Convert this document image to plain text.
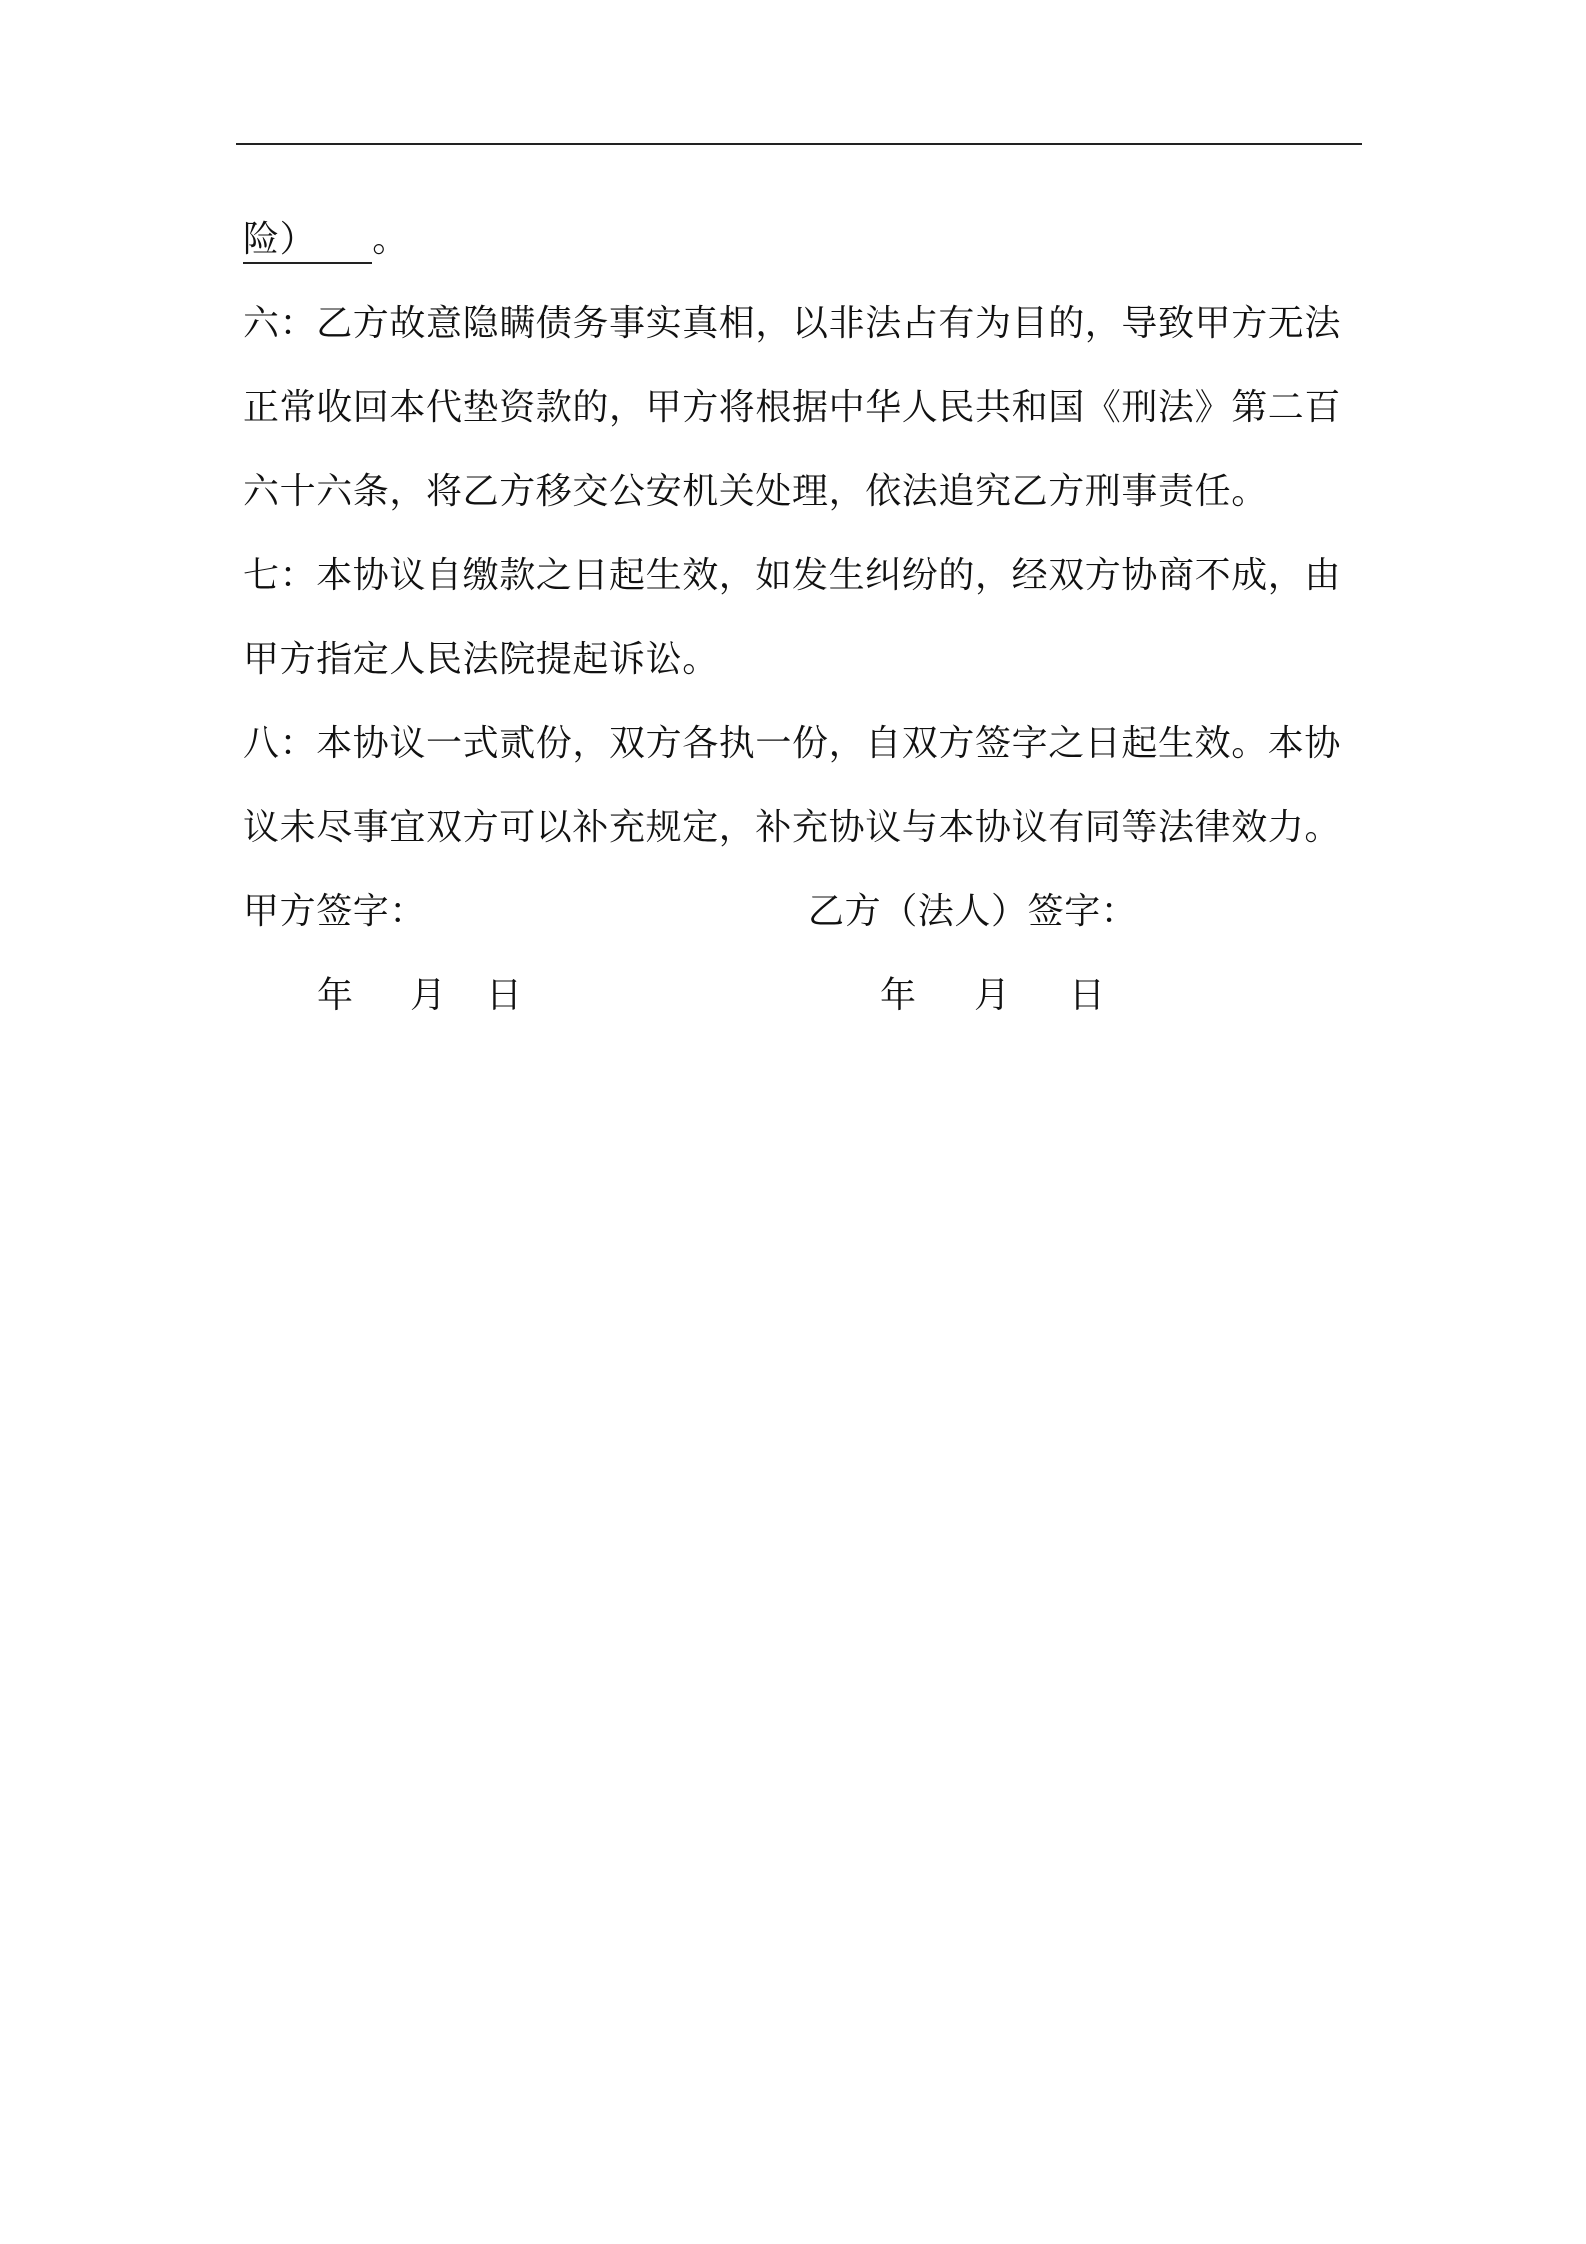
险） 。
六：乙方故意隐瞒债务事实真相，以非法占有为目的，导致甲方无法
正常收回本代垫资款的，甲方将根据中华人民共和国《刑法》第二百
六十六条，将乙方移交公安机关处理，依法追究乙方刑事责任。
七：本协议自缴款之日起生效，如发生纠纷的，经双方协商不成，由
甲方指定人民法院提起诉讼。
八：本协议一式贰份，双方各执一份，自双方签字之日起生效。本协
议未尽事宜双方可以补充规定，补充协议与本协议有同等法律效力。
甲方签字：	乙方（法人）签字：
年 月 日	年 月 日
